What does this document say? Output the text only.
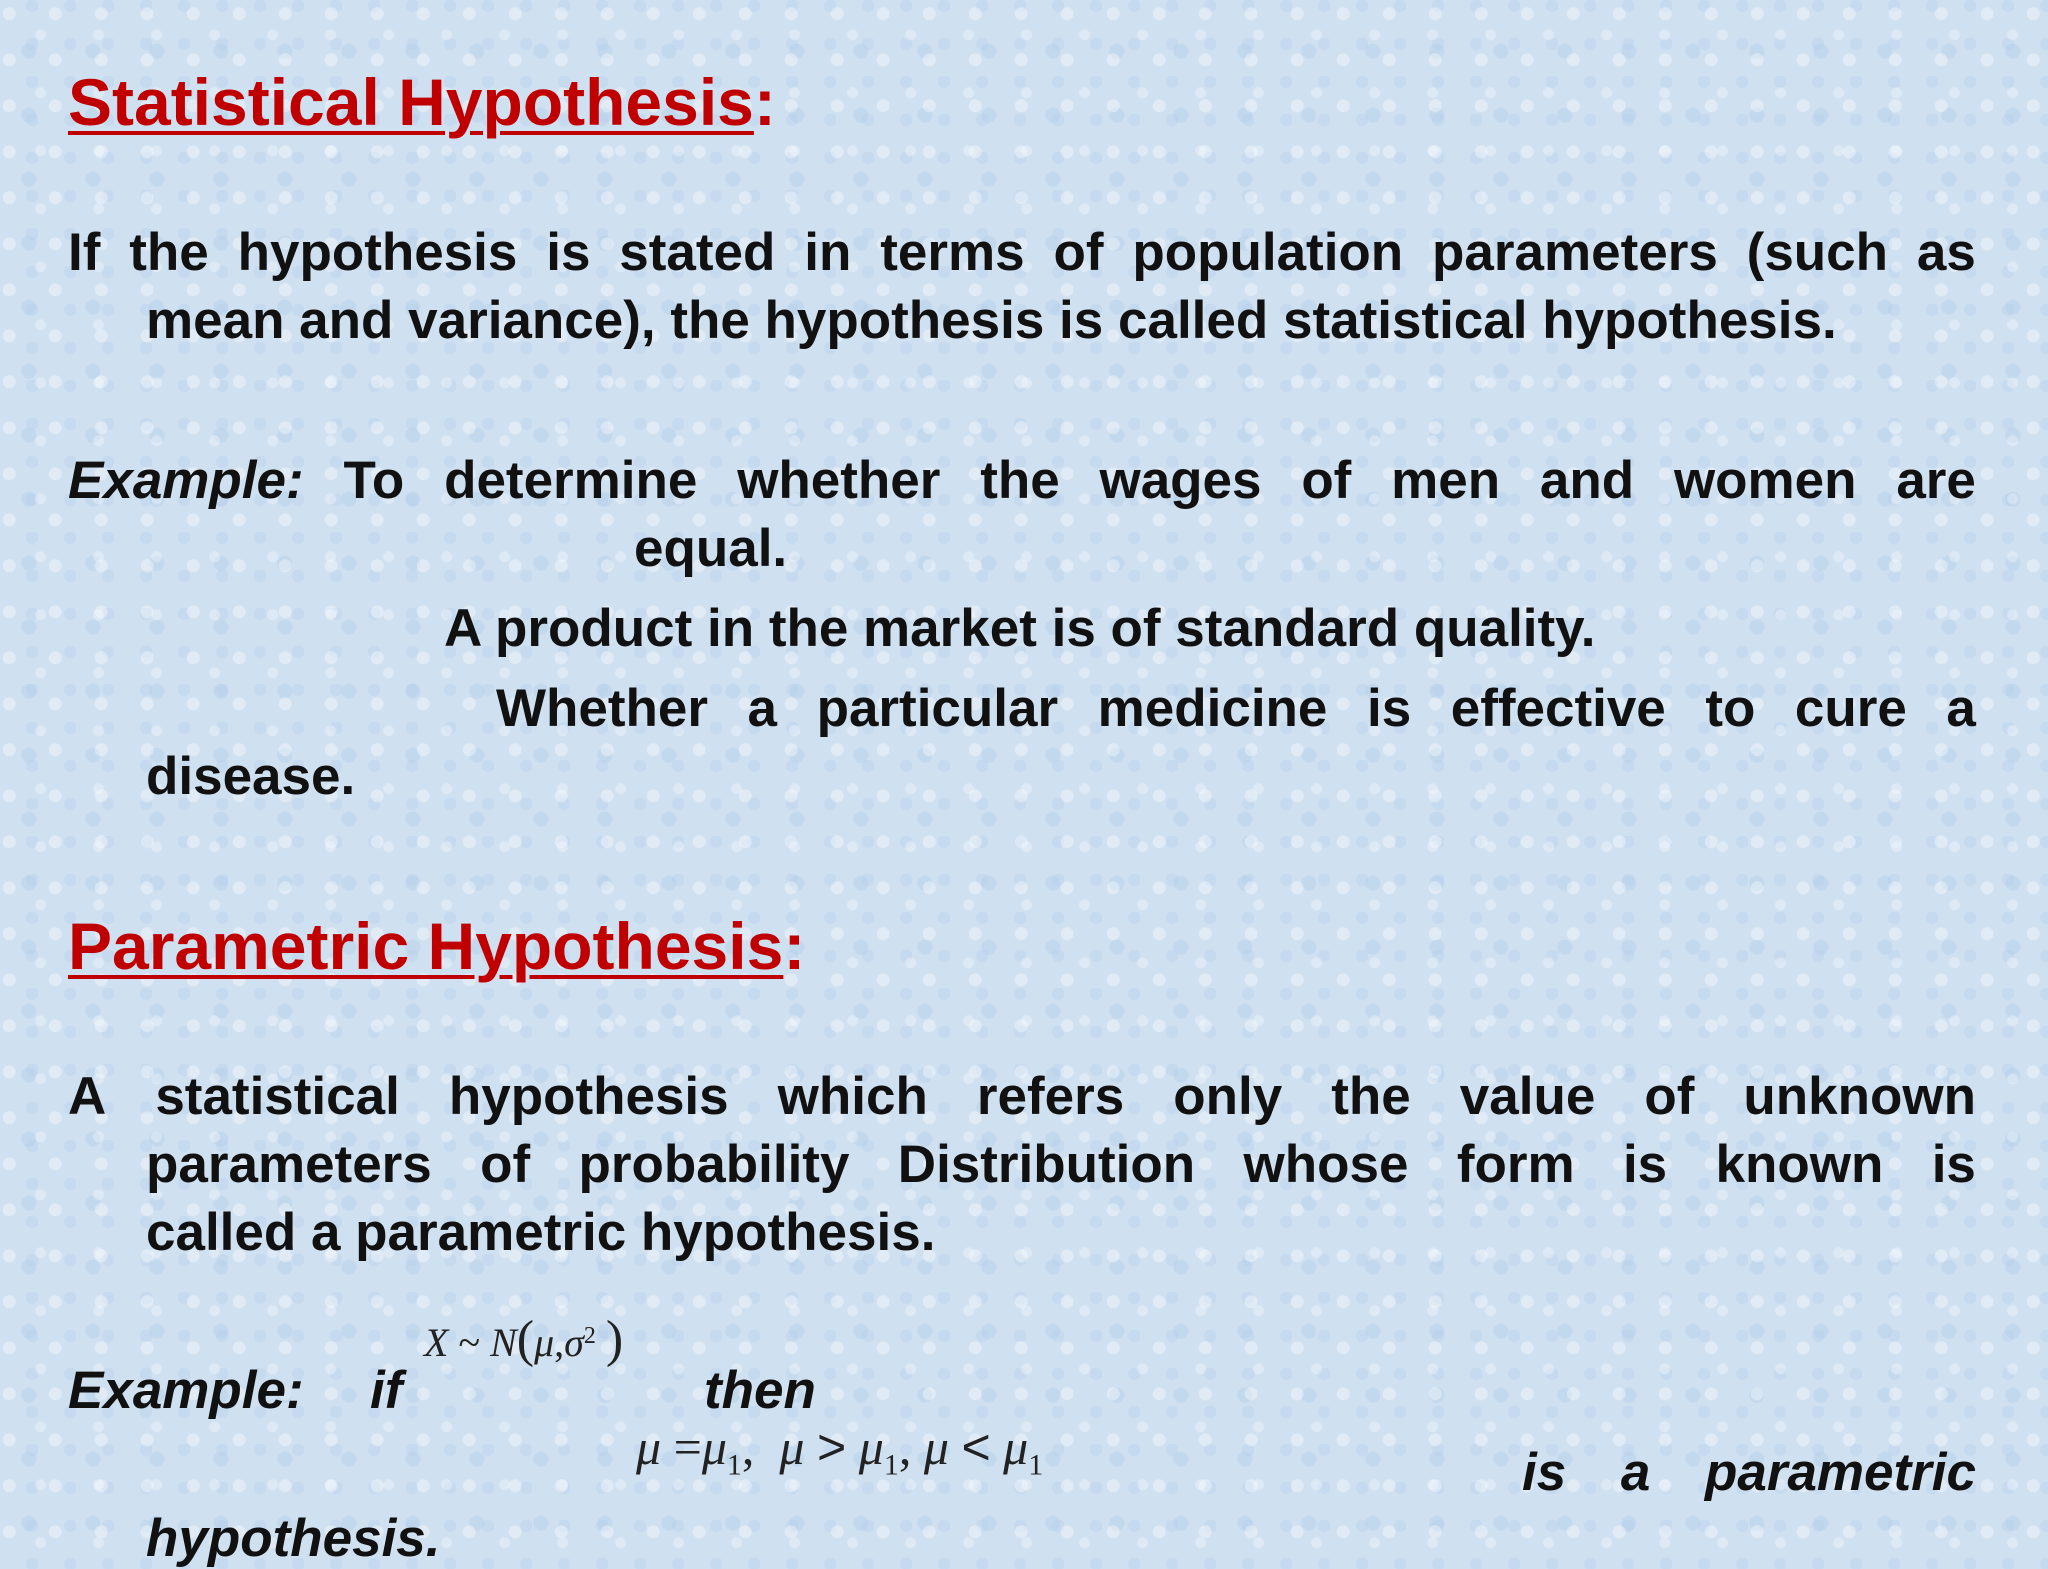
Statistical Hypothesis:
If the hypothesis is stated in terms of population parameters (such as
mean and variance), the hypothesis is called statistical hypothesis.
Example: To determine whether the wages of men and women are
equal.
A product in the market is of standard quality.
Whether a particular medicine is effective to cure a
disease.
Parametric Hypothesis:
A statistical hypothesis which refers only the value of unknown
parameters of probability Distribution whose form is known is
called a parametric hypothesis.
Example: if
X ~ $N(\mu,\sigma^2$ )
then
$\mu =\mu_1$, $\mu > \mu_1$, $\mu < \mu_1$	is a parametric
hypothesis.
